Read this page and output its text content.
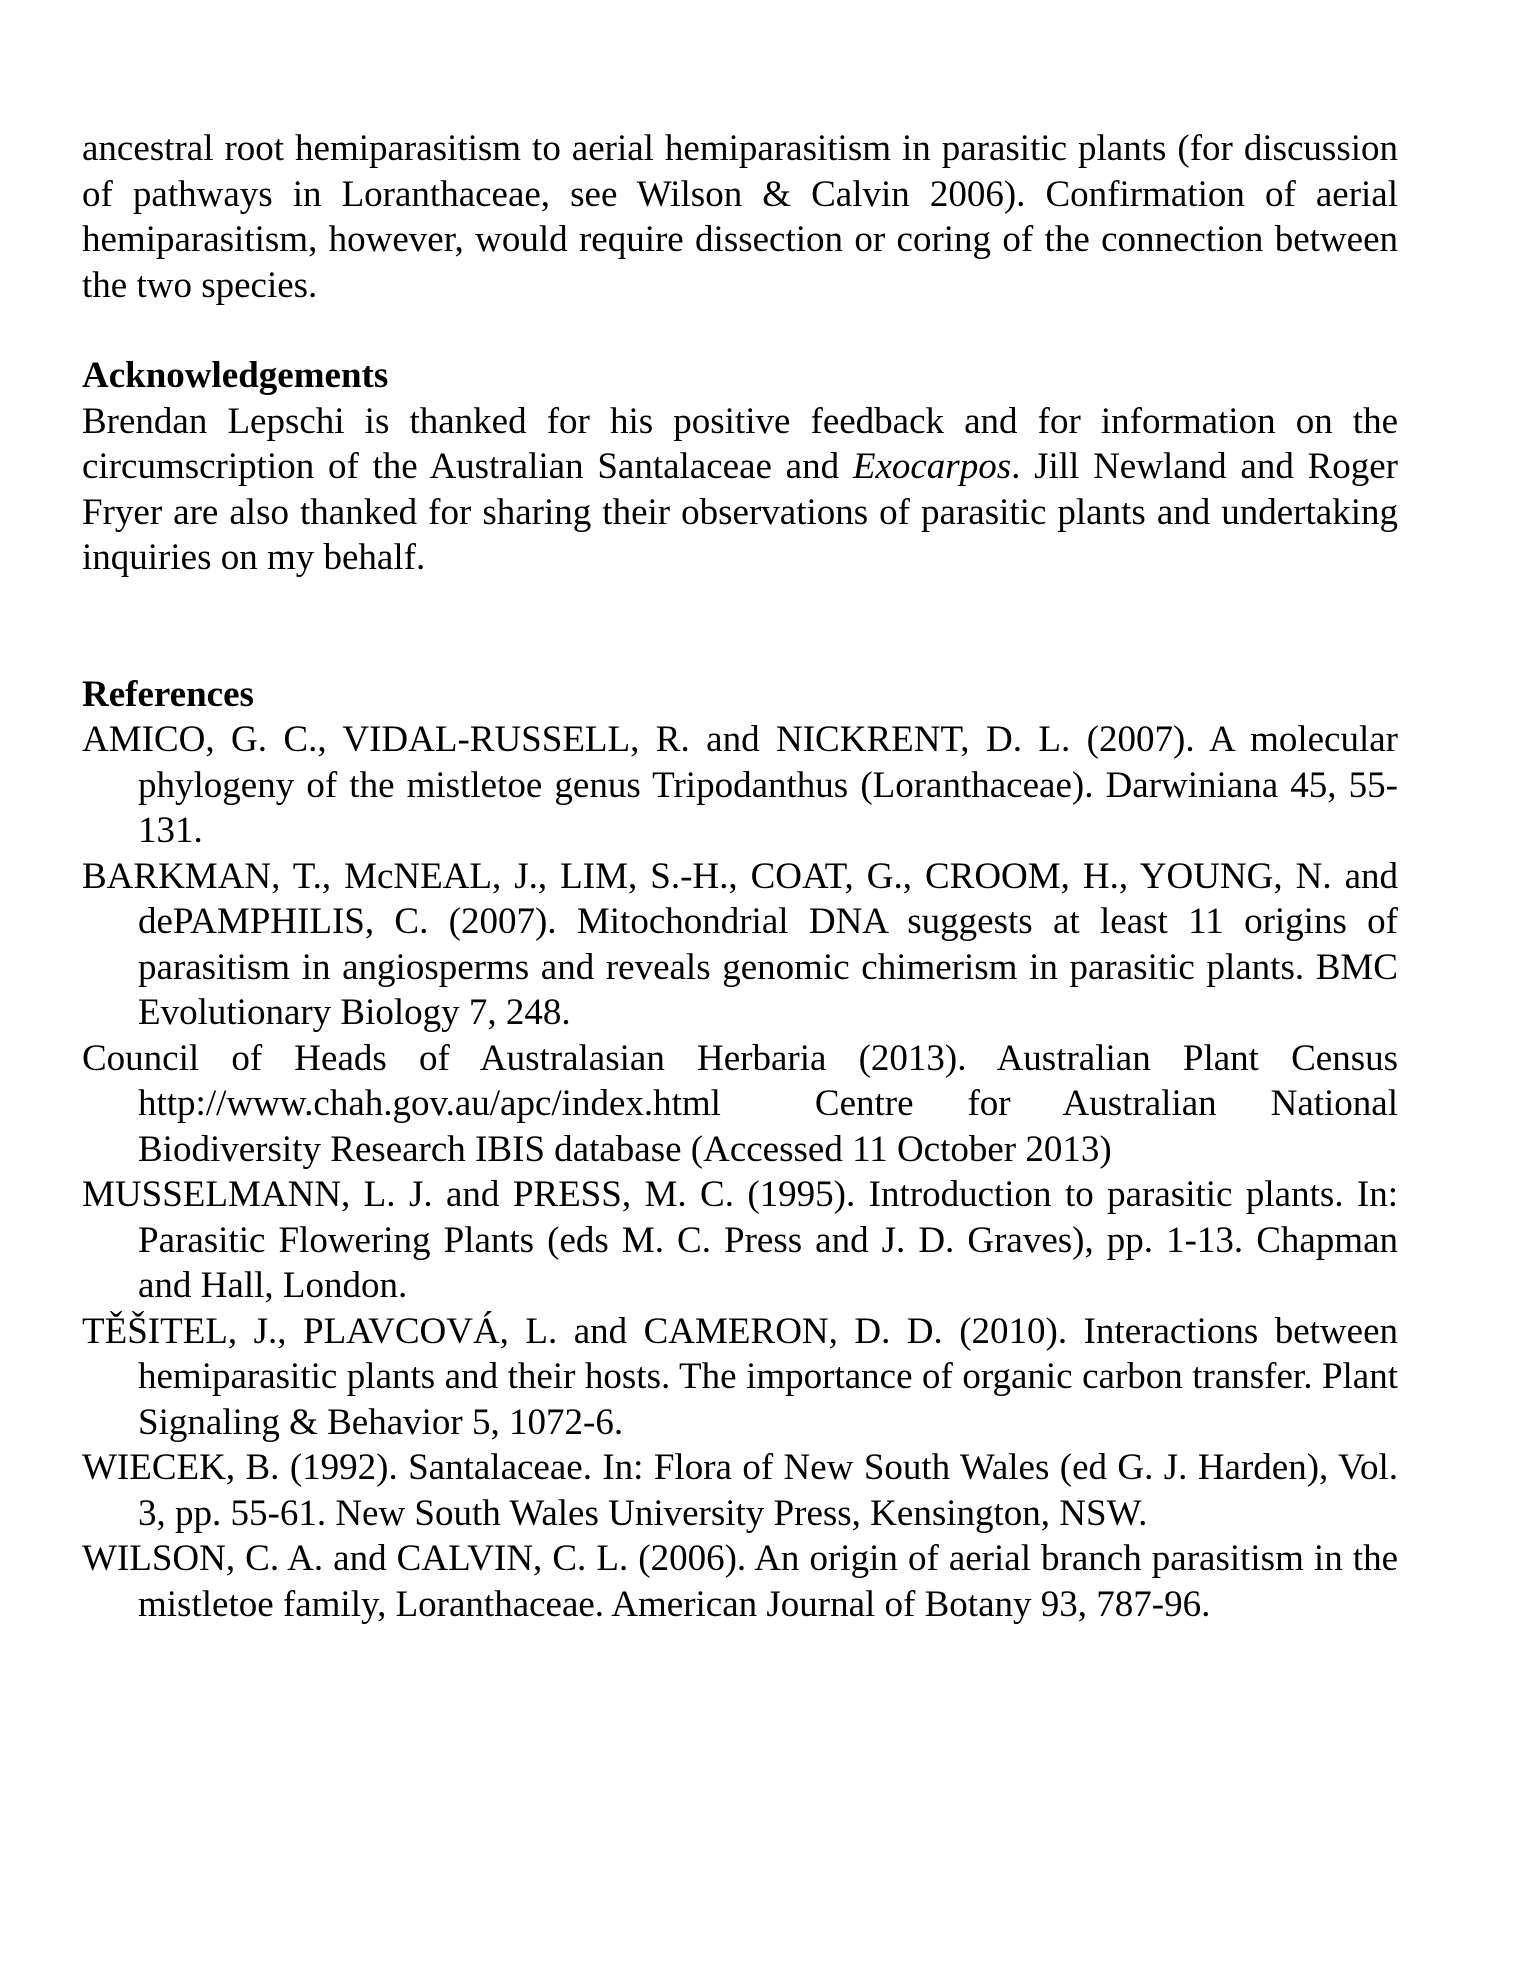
ancestral root hemiparasitism to aerial hemiparasitism in parasitic plants (for discussion of pathways in Loranthaceae, see Wilson & Calvin 2006). Confirmation of aerial hemiparasitism, however, would require dissection or coring of the connection between the two species.

Acknowledgements

Brendan Lepschi is thanked for his positive feedback and for information on the circumscription of the Australian Santalaceae and Exocarpos. Jill Newland and Roger Fryer are also thanked for sharing their observations of parasitic plants and undertaking inquiries on my behalf.

References
AMICO, G. C., VIDAL-RUSSELL, R. and NICKRENT, D. L. (2007). A molecular phylogeny of the mistletoe genus Tripodanthus (Loranthaceae). Darwiniana 45, 55-131.
BARKMAN, T., McNEAL, J., LIM, S.-H., COAT, G., CROOM, H., YOUNG, N. and dePAMPHILIS, C. (2007). Mitochondrial DNA suggests at least 11 origins of parasitism in angiosperms and reveals genomic chimerism in parasitic plants. BMC Evolutionary Biology 7, 248.
Council of Heads of Australasian Herbaria (2013). Australian Plant Census http://www.chah.gov.au/apc/index.html	Centre for Australian National Biodiversity Research IBIS database (Accessed 11 October 2013)
MUSSELMANN, L. J. and PRESS, M. C. (1995). Introduction to parasitic plants. In: Parasitic Flowering Plants (eds M. C. Press and J. D. Graves), pp. 1-13. Chapman and Hall, London.
TĚŠITEL, J., PLAVCOVÁ, L. and CAMERON, D. D. (2010). Interactions between hemiparasitic plants and their hosts. The importance of organic carbon transfer. Plant Signaling & Behavior 5, 1072-6.
WIECEK, B. (1992). Santalaceae. In: Flora of New South Wales (ed G. J. Harden), Vol. 3, pp. 55-61. New South Wales University Press, Kensington, NSW.
WILSON, C. A. and CALVIN, C. L. (2006). An origin of aerial branch parasitism in the mistletoe family, Loranthaceae. American Journal of Botany 93, 787-96.
